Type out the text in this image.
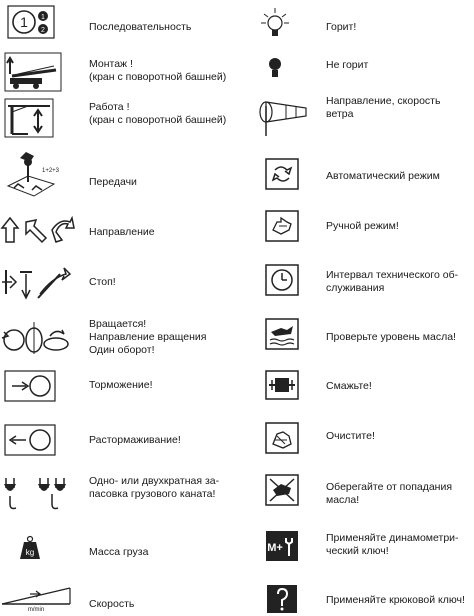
1 1
2	Последовательность
Монтаж !
(кран с поворотной башней)
Работа !
(кран с поворотной башней)
1+2+3
Передачи
Направление
Стоп!
Вращается!
Направление вращения
Один оборот!
Торможение!
Растормаживание!
Одно- или двухкратная за-
пасовка грузового каната!
kg	Масса груза
m/min	Скорость
Горит!
Не горит
Направление, скорость
ветра
Автоматический режим
Ручной режим!
Интервал технического об-
служивания
Проверьте уровень масла!
Смажьте!
Очистите!
Оберегайте от попадания
масла!
M+
Применяйте динамометри-
ческий ключ!
Применяйте крюковой ключ!
